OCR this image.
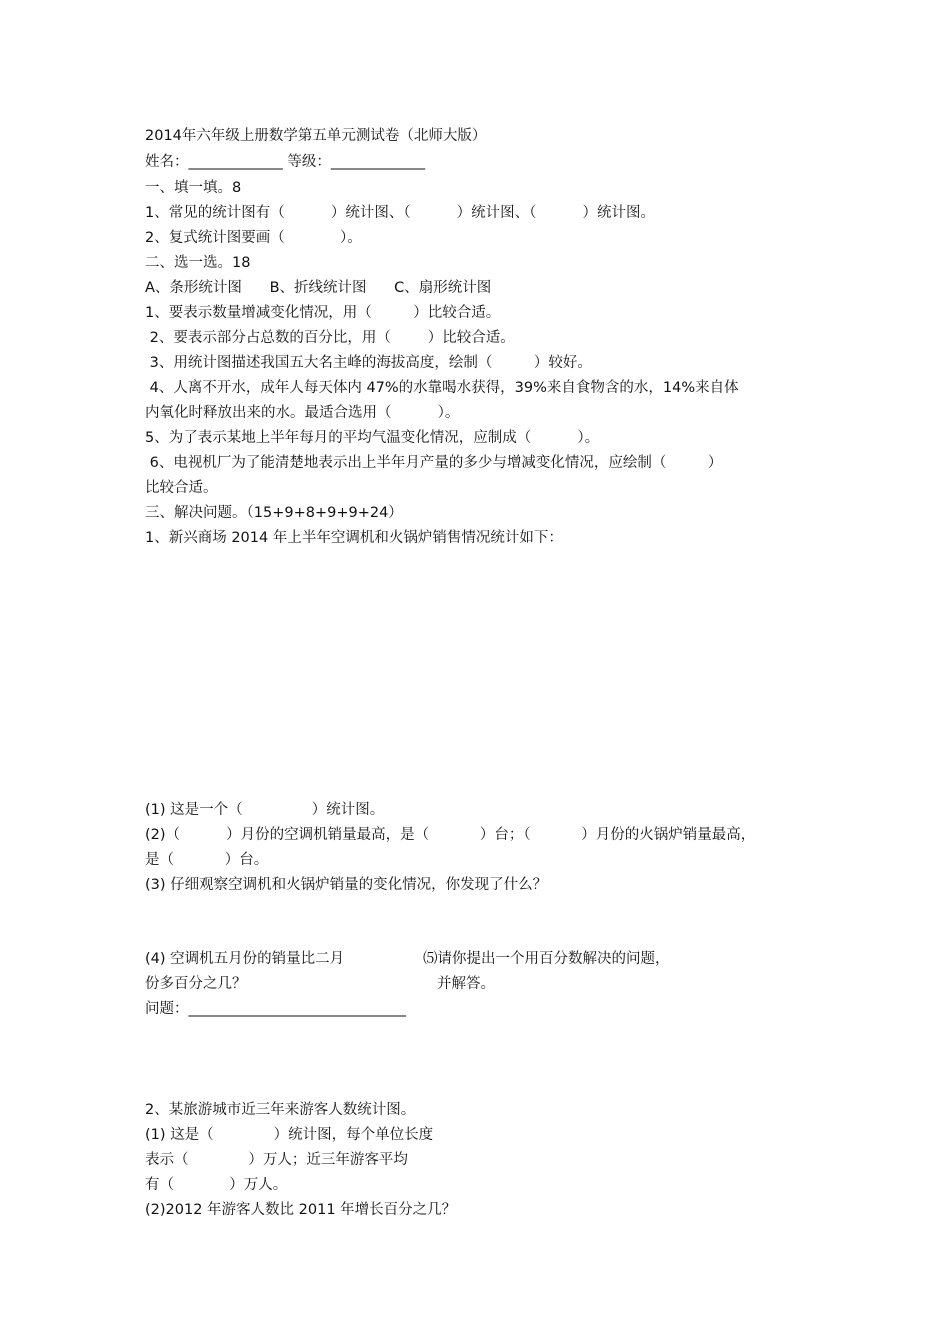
2014年六年级上册数学第五单元测试卷（北师大版）
姓名：_____________ 等级：_____________
一、填一填。8
1、常见的统计图有（          ）统计图、（          ）统计图、（          ）统计图。
2、复式统计图要画（            ）。
二、选一选。18
A、条形统计图      B、折线统计图      C、扇形统计图
1、要表示数量增减变化情况，用（         ）比较合适。
2、要表示部分占总数的百分比，用（        ）比较合适。
3、用统计图描述我国五大名主峰的海拔高度，绘制（         ）较好。
4、人离不开水，成年人每天体内 47%的水靠喝水获得，39%来自食物含的水，14%来自体
内氧化时释放出来的水。最适合选用（          ）。
5、为了表示某地上半年每月的平均气温变化情况，应制成（          ）。
6、电视机厂为了能清楚地表示出上半年月产量的多少与增减变化情况，应绘制（         ）
比较合适。
三、解决问题。（15+9+8+9+9+24）
1、新兴商场 2014 年上半年空调机和火锅炉销售情况统计如下：
(1) 这是一个（               ）统计图。
(2)（          ）月份的空调机销量最高，是（           ）台；（           ）月份的火锅炉销量最高，
是（           ）台。
(3) 仔细观察空调机和火锅炉销量的变化情况，你发现了什么？
(4) 空调机五月份的销量比二月
份多百分之几？
⑸请你提出一个用百分数解决的问题，
并解答。
问题：______________________________
2、某旅游城市近三年来游客人数统计图。
(1) 这是（             ）统计图，每个单位长度
表示（             ）万人；近三年游客平均
有（            ）万人。
(2)2012 年游客人数比 2011 年增长百分之几？
